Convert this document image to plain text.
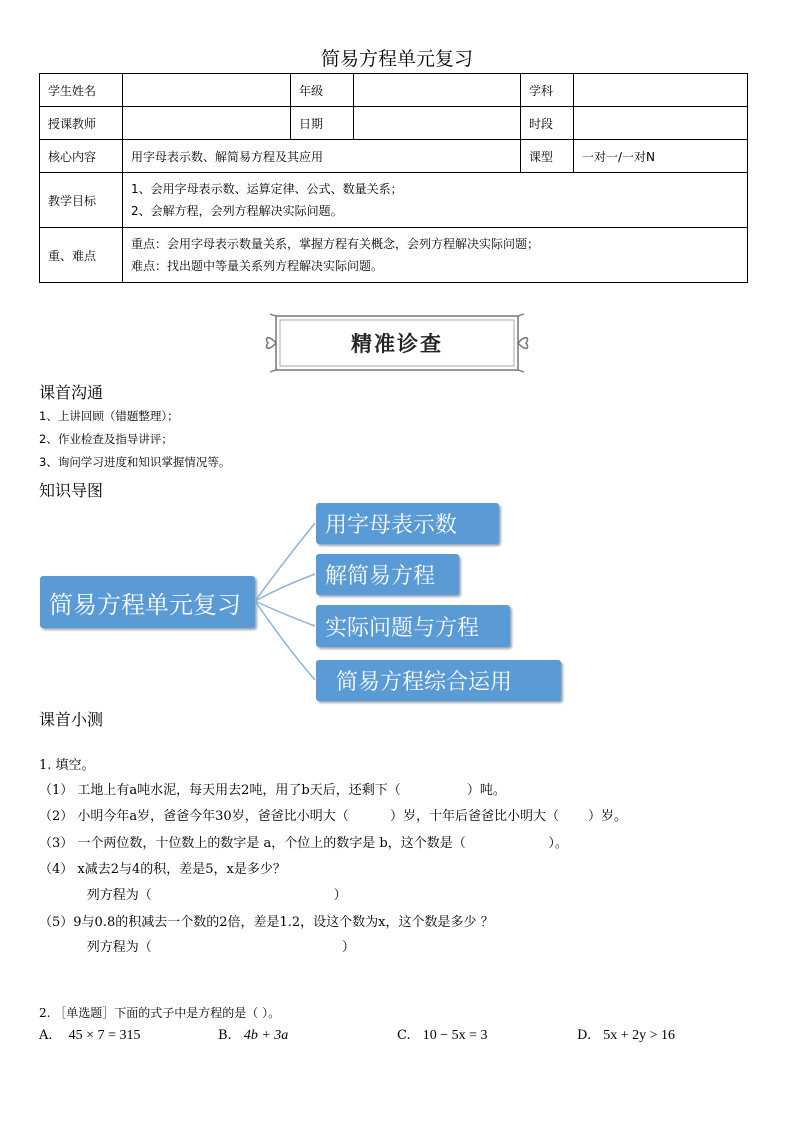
简易方程单元复习
学生姓名		年级		学科	
授课教师		日期		时段	
核心内容	用字母表示数、解简易方程及其应用			课型	一对一/一对N
教学目标	1、会用字母表示数、运算定律、公式、数量关系；
2、会解方程，会列方程解决实际问题。				

重、难点	重点：会用字母表示数量关系，掌握方程有关概念，会列方程解决实际问题；
难点：找出题中等量关系列方程解决实际问题。				
精准诊查
课首沟通
1、上讲回顾（错题整理）；
2、作业检查及指导讲评；
3、询问学习进度和知识掌握情况等。
知识导图
简易方程单元复习
用字母表示数
解简易方程
实际问题与方程
简易方程综合运用
课首小测
1. 填空。
（1） 工地上有a吨水泥，每天用去2吨，用了b天后，还剩下（                ）吨。
（2） 小明今年a岁，爸爸今年30岁，爸爸比小明大（          ）岁，十年后爸爸比小明大（       ）岁。
（3） 一个两位数，十位数上的数字是 a，个位上的数字是 b，这个数是（                    ）。
（4） x减去2与4的积，差是5，x是多少？
列方程为（                                            ）
（5）9与0.8的积减去一个数的2倍，差是1.2，设这个数为x，这个数是多少 ？
列方程为（                                              ）
2. ［单选题］下面的式子中是方程的是（ ）。
A. 45 × 7 = 315	B. 4b + 3a	C. 10 − 5x = 3	D. 5x + 2y > 16
